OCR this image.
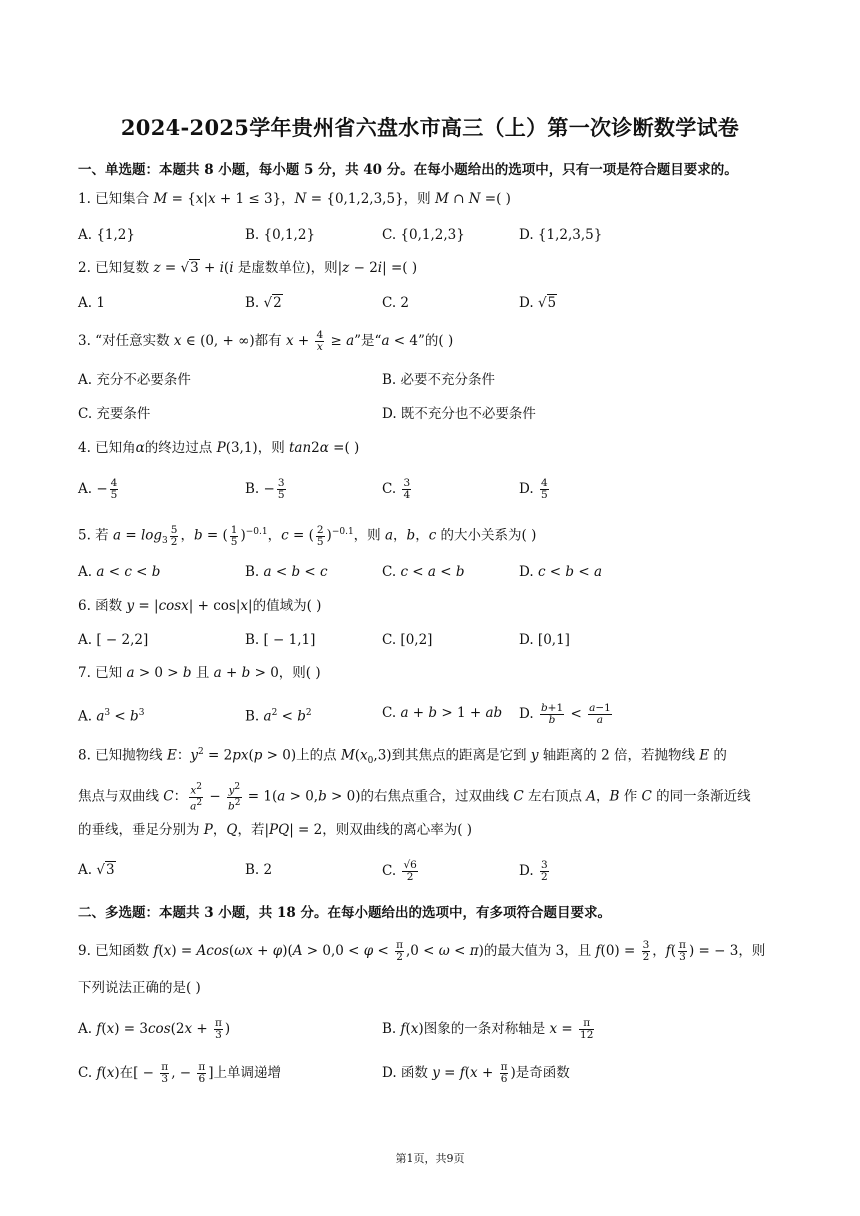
2024-2025学年贵州省六盘水市高三（上）第一次诊断数学试卷
一、单选题：本题共 8 小题，每小题 5 分，共 40 分。在每小题给出的选项中，只有一项是符合题目要求的。
1. 已知集合 M = {x|x + 1 ≤ 3}，N = {0,1,2,3,5}，则 M ∩ N =( )
A. {1,2}	B. {0,1,2}	C. {0,1,2,3}	D. {1,2,3,5}
2. 已知复数 z = √3 + i(i 是虚数单位)，则|z − 2i| =( )
A. 1	B. √2	C. 2	D. √5
3. “对任意实数 x ∈ (0, + ∞)都有 $x + \frac{4}{x} \ge a$”是“a < 4”的( )
A. 充分不必要条件	B. 必要不充分条件
C. 充要条件	D. 既不充分也不必要条件
4. 已知角α的终边过点 P(3,1)，则 tan2α =( )
A. − $\frac{4}{5}$	B. − $\frac{3}{5}$	C. $\frac{3}{4}$	D. $\frac{4}{5}$
5. 若 $a = \log_3 \frac{5}{2}$ ，b = ( $\frac{1}{5} )^{-0.1}$，c = ( $\frac{2}{5} )^{-0.1}$，则 a，b，c 的大小关系为( )
A. a < c < b	B. a < b < c	C. c < a < b	D. c < b < a
6. 函数 y = |cosx| + cos|x|的值域为( )
A. [ − 2,2]	B. [ − 1,1]	C. [0,2]	D. [0,1]
7. 已知 a > 0 > b 且 a + b > 0，则( )
A. $a^3 < b^3$	B. $a^2 < b^2$	C. a + b > 1 + ab D. $\frac{b+1}{b} < \frac{a-1}{a}$
8. 已知抛物线 E：$y^2 = 2px(p > 0)$上的点 $M(x_0,3)$到其焦点的距离是它到 y 轴距离的 2 倍，若抛物线 E 的
焦点与双曲线 C： $\frac{x^2}{a^2} - \frac{y^2}{b^2} = 1(a > 0,b > 0)$的右焦点重合，过双曲线 C 左右顶点 A，B 作 C 的同一条渐近线
的垂线，垂足分别为 P，Q，若|PQ| = 2，则双曲线的离心率为( )
A. √3	B. 2	C. $\frac{√6}{2}$	D. $\frac{3}{2}$
二、多选题：本题共 3 小题，共 18 分。在每小题给出的选项中，有多项符合题目要求。
9. 已知函数 $f(x) = Acos(\omega x + \varphi)(A > 0,0 < \varphi < \frac{\pi}{2} ,0 < \omega < \pi)$的最大值为 3，且 $f(0) = \frac{3}{2}$ ，$f( \frac{\pi}{3}$ ) = − 3，则
下列说法正确的是( )
A. $f(x) = 3\cos(2x + \frac{\pi}{3}$ )	B. f(x)图象的一条对称轴是 $x = \frac{\pi}{12}$
C. f(x)在[ − $\frac{\pi}{3}$ , − $\frac{\pi}{6}$ ]上单调递增	D. 函数 $y = f(x + \frac{\pi}{6}$ )是奇函数
第1页，共9页
